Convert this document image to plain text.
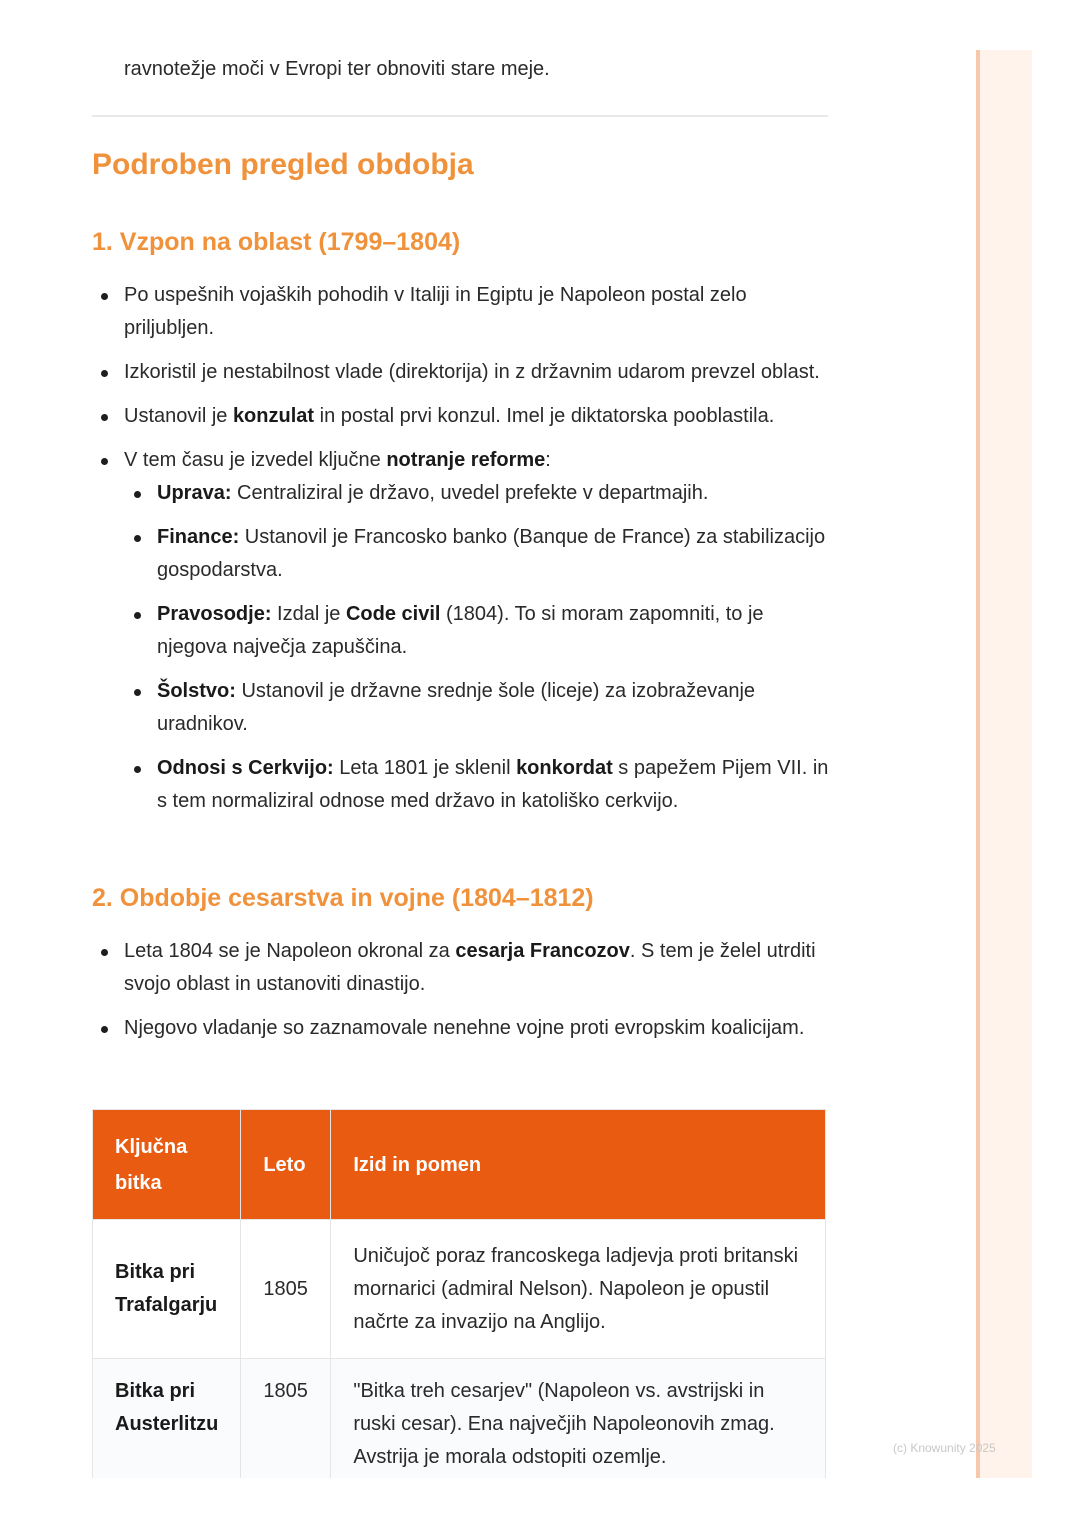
(c) Knowunity 2025
ravnotežje moči v Evropi ter obnoviti stare meje.
Podroben pregled obdobja
1. Vzpon na oblast (1799–1804)
Po uspešnih vojaških pohodih v Italiji in Egiptu je Napoleon postal zelo priljubljen.
Izkoristil je nestabilnost vlade (direktorija) in z državnim udarom prevzel oblast.
Ustanovil je konzulat in postal prvi konzul. Imel je diktatorska pooblastila.
V tem času je izvedel ključne notranje reforme:
Uprava: Centraliziral je državo, uvedel prefekte v departmajih.
Finance: Ustanovil je Francosko banko (Banque de France) za stabilizacijo gospodarstva.
Pravosodje: Izdal je Code civil (1804). To si moram zapomniti, to je njegova največja zapuščina.
Šolstvo: Ustanovil je državne srednje šole (liceje) za izobraževanje uradnikov.
Odnosi s Cerkvijo: Leta 1801 je sklenil konkordat s papežem Pijem VII. in s tem normaliziral odnose med državo in katoliško cerkvijo.
2. Obdobje cesarstva in vojne (1804–1812)
Leta 1804 se je Napoleon okronal za cesarja Francozov. S tem je želel utrditi svojo oblast in ustanoviti dinastijo.
Njegovo vladanje so zaznamovale nenehne vojne proti evropskim koalicijam.
Ključna bitka	Leto	Izid in pomen
Bitka pri Trafalgarju	1805	Uničujoč poraz francoskega ladjevja proti britanski mornarici (admiral Nelson). Napoleon je opustil načrte za invazijo na Anglijo.
Bitka pri Austerlitzu	1805	"Bitka treh cesarjev" (Napoleon vs. avstrijski in ruski cesar). Ena največjih Napoleonovih zmag. Avstrija je morala odstopiti ozemlje.
